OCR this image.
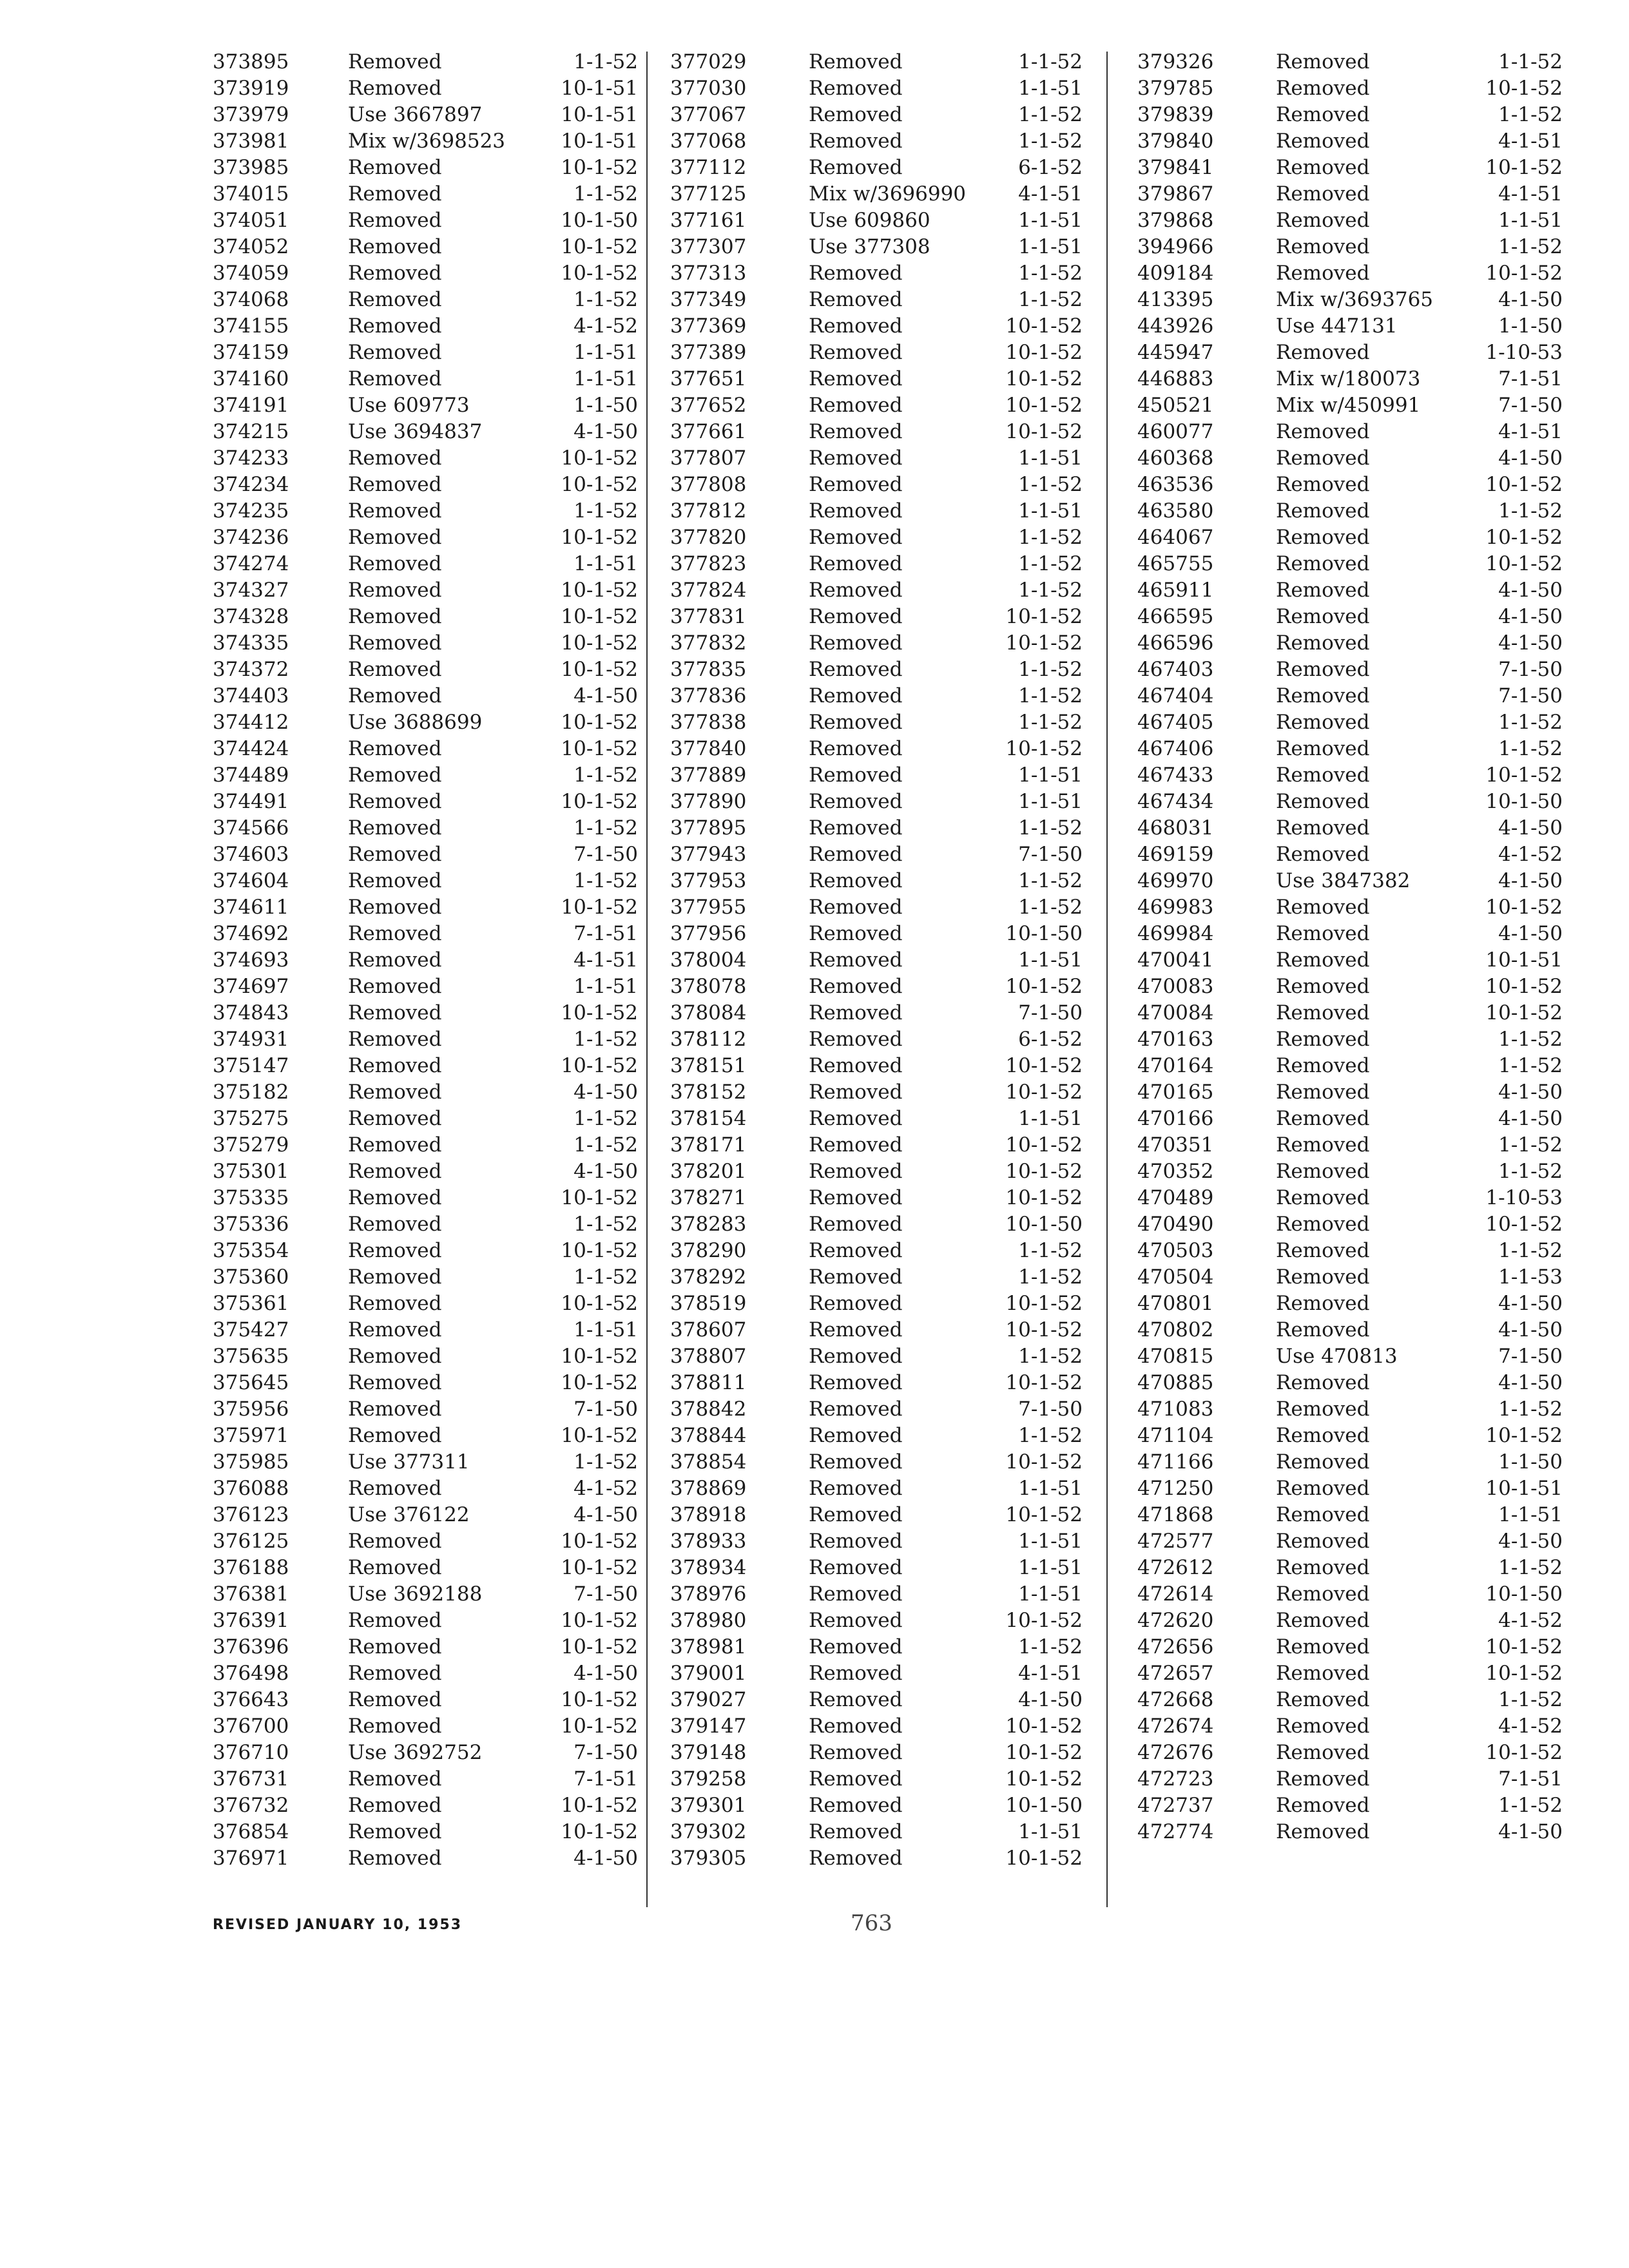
373895	Removed	1-1-52
373919	Removed	10-1-51
373979	Use 3667897	10-1-51
373981	Mix w/3698523	10-1-51
373985	Removed	10-1-52
374015	Removed	1-1-52
374051	Removed	10-1-50
374052	Removed	10-1-52
374059	Removed	10-1-52
374068	Removed	1-1-52
374155	Removed	4-1-52
374159	Removed	1-1-51
374160	Removed	1-1-51
374191	Use 609773	1-1-50
374215	Use 3694837	4-1-50
374233	Removed	10-1-52
374234	Removed	10-1-52
374235	Removed	1-1-52
374236	Removed	10-1-52
374274	Removed	1-1-51
374327	Removed	10-1-52
374328	Removed	10-1-52
374335	Removed	10-1-52
374372	Removed	10-1-52
374403	Removed	4-1-50
374412	Use 3688699	10-1-52
374424	Removed	10-1-52
374489	Removed	1-1-52
374491	Removed	10-1-52
374566	Removed	1-1-52
374603	Removed	7-1-50
374604	Removed	1-1-52
374611	Removed	10-1-52
374692	Removed	7-1-51
374693	Removed	4-1-51
374697	Removed	1-1-51
374843	Removed	10-1-52
374931	Removed	1-1-52
375147	Removed	10-1-52
375182	Removed	4-1-50
375275	Removed	1-1-52
375279	Removed	1-1-52
375301	Removed	4-1-50
375335	Removed	10-1-52
375336	Removed	1-1-52
375354	Removed	10-1-52
375360	Removed	1-1-52
375361	Removed	10-1-52
375427	Removed	1-1-51
375635	Removed	10-1-52
375645	Removed	10-1-52
375956	Removed	7-1-50
375971	Removed	10-1-52
375985	Use 377311	1-1-52
376088	Removed	4-1-52
376123	Use 376122	4-1-50
376125	Removed	10-1-52
376188	Removed	10-1-52
376381	Use 3692188	7-1-50
376391	Removed	10-1-52
376396	Removed	10-1-52
376498	Removed	4-1-50
376643	Removed	10-1-52
376700	Removed	10-1-52
376710	Use 3692752	7-1-50
376731	Removed	7-1-51
376732	Removed	10-1-52
376854	Removed	10-1-52
376971	Removed	4-1-50
377029	Removed	1-1-52
377030	Removed	1-1-51
377067	Removed	1-1-52
377068	Removed	1-1-52
377112	Removed	6-1-52
377125	Mix w/3696990	4-1-51
377161	Use 609860	1-1-51
377307	Use 377308	1-1-51
377313	Removed	1-1-52
377349	Removed	1-1-52
377369	Removed	10-1-52
377389	Removed	10-1-52
377651	Removed	10-1-52
377652	Removed	10-1-52
377661	Removed	10-1-52
377807	Removed	1-1-51
377808	Removed	1-1-52
377812	Removed	1-1-51
377820	Removed	1-1-52
377823	Removed	1-1-52
377824	Removed	1-1-52
377831	Removed	10-1-52
377832	Removed	10-1-52
377835	Removed	1-1-52
377836	Removed	1-1-52
377838	Removed	1-1-52
377840	Removed	10-1-52
377889	Removed	1-1-51
377890	Removed	1-1-51
377895	Removed	1-1-52
377943	Removed	7-1-50
377953	Removed	1-1-52
377955	Removed	1-1-52
377956	Removed	10-1-50
378004	Removed	1-1-51
378078	Removed	10-1-52
378084	Removed	7-1-50
378112	Removed	6-1-52
378151	Removed	10-1-52
378152	Removed	10-1-52
378154	Removed	1-1-51
378171	Removed	10-1-52
378201	Removed	10-1-52
378271	Removed	10-1-52
378283	Removed	10-1-50
378290	Removed	1-1-52
378292	Removed	1-1-52
378519	Removed	10-1-52
378607	Removed	10-1-52
378807	Removed	1-1-52
378811	Removed	10-1-52
378842	Removed	7-1-50
378844	Removed	1-1-52
378854	Removed	10-1-52
378869	Removed	1-1-51
378918	Removed	10-1-52
378933	Removed	1-1-51
378934	Removed	1-1-51
378976	Removed	1-1-51
378980	Removed	10-1-52
378981	Removed	1-1-52
379001	Removed	4-1-51
379027	Removed	4-1-50
379147	Removed	10-1-52
379148	Removed	10-1-52
379258	Removed	10-1-52
379301	Removed	10-1-50
379302	Removed	1-1-51
379305	Removed	10-1-52
379326	Removed	1-1-52
379785	Removed	10-1-52
379839	Removed	1-1-52
379840	Removed	4-1-51
379841	Removed	10-1-52
379867	Removed	4-1-51
379868	Removed	1-1-51
394966	Removed	1-1-52
409184	Removed	10-1-52
413395	Mix w/3693765	4-1-50
443926	Use 447131	1-1-50
445947	Removed	1-10-53
446883	Mix w/180073	7-1-51
450521	Mix w/450991	7-1-50
460077	Removed	4-1-51
460368	Removed	4-1-50
463536	Removed	10-1-52
463580	Removed	1-1-52
464067	Removed	10-1-52
465755	Removed	10-1-52
465911	Removed	4-1-50
466595	Removed	4-1-50
466596	Removed	4-1-50
467403	Removed	7-1-50
467404	Removed	7-1-50
467405	Removed	1-1-52
467406	Removed	1-1-52
467433	Removed	10-1-52
467434	Removed	10-1-50
468031	Removed	4-1-50
469159	Removed	4-1-52
469970	Use 3847382	4-1-50
469983	Removed	10-1-52
469984	Removed	4-1-50
470041	Removed	10-1-51
470083	Removed	10-1-52
470084	Removed	10-1-52
470163	Removed	1-1-52
470164	Removed	1-1-52
470165	Removed	4-1-50
470166	Removed	4-1-50
470351	Removed	1-1-52
470352	Removed	1-1-52
470489	Removed	1-10-53
470490	Removed	10-1-52
470503	Removed	1-1-52
470504	Removed	1-1-53
470801	Removed	4-1-50
470802	Removed	4-1-50
470815	Use 470813	7-1-50
470885	Removed	4-1-50
471083	Removed	1-1-52
471104	Removed	10-1-52
471166	Removed	1-1-50
471250	Removed	10-1-51
471868	Removed	1-1-51
472577	Removed	4-1-50
472612	Removed	1-1-52
472614	Removed	10-1-50
472620	Removed	4-1-52
472656	Removed	10-1-52
472657	Removed	10-1-52
472668	Removed	1-1-52
472674	Removed	4-1-52
472676	Removed	10-1-52
472723	Removed	7-1-51
472737	Removed	1-1-52
472774	Removed	4-1-50
REVISED JANUARY 10, 1953	763
